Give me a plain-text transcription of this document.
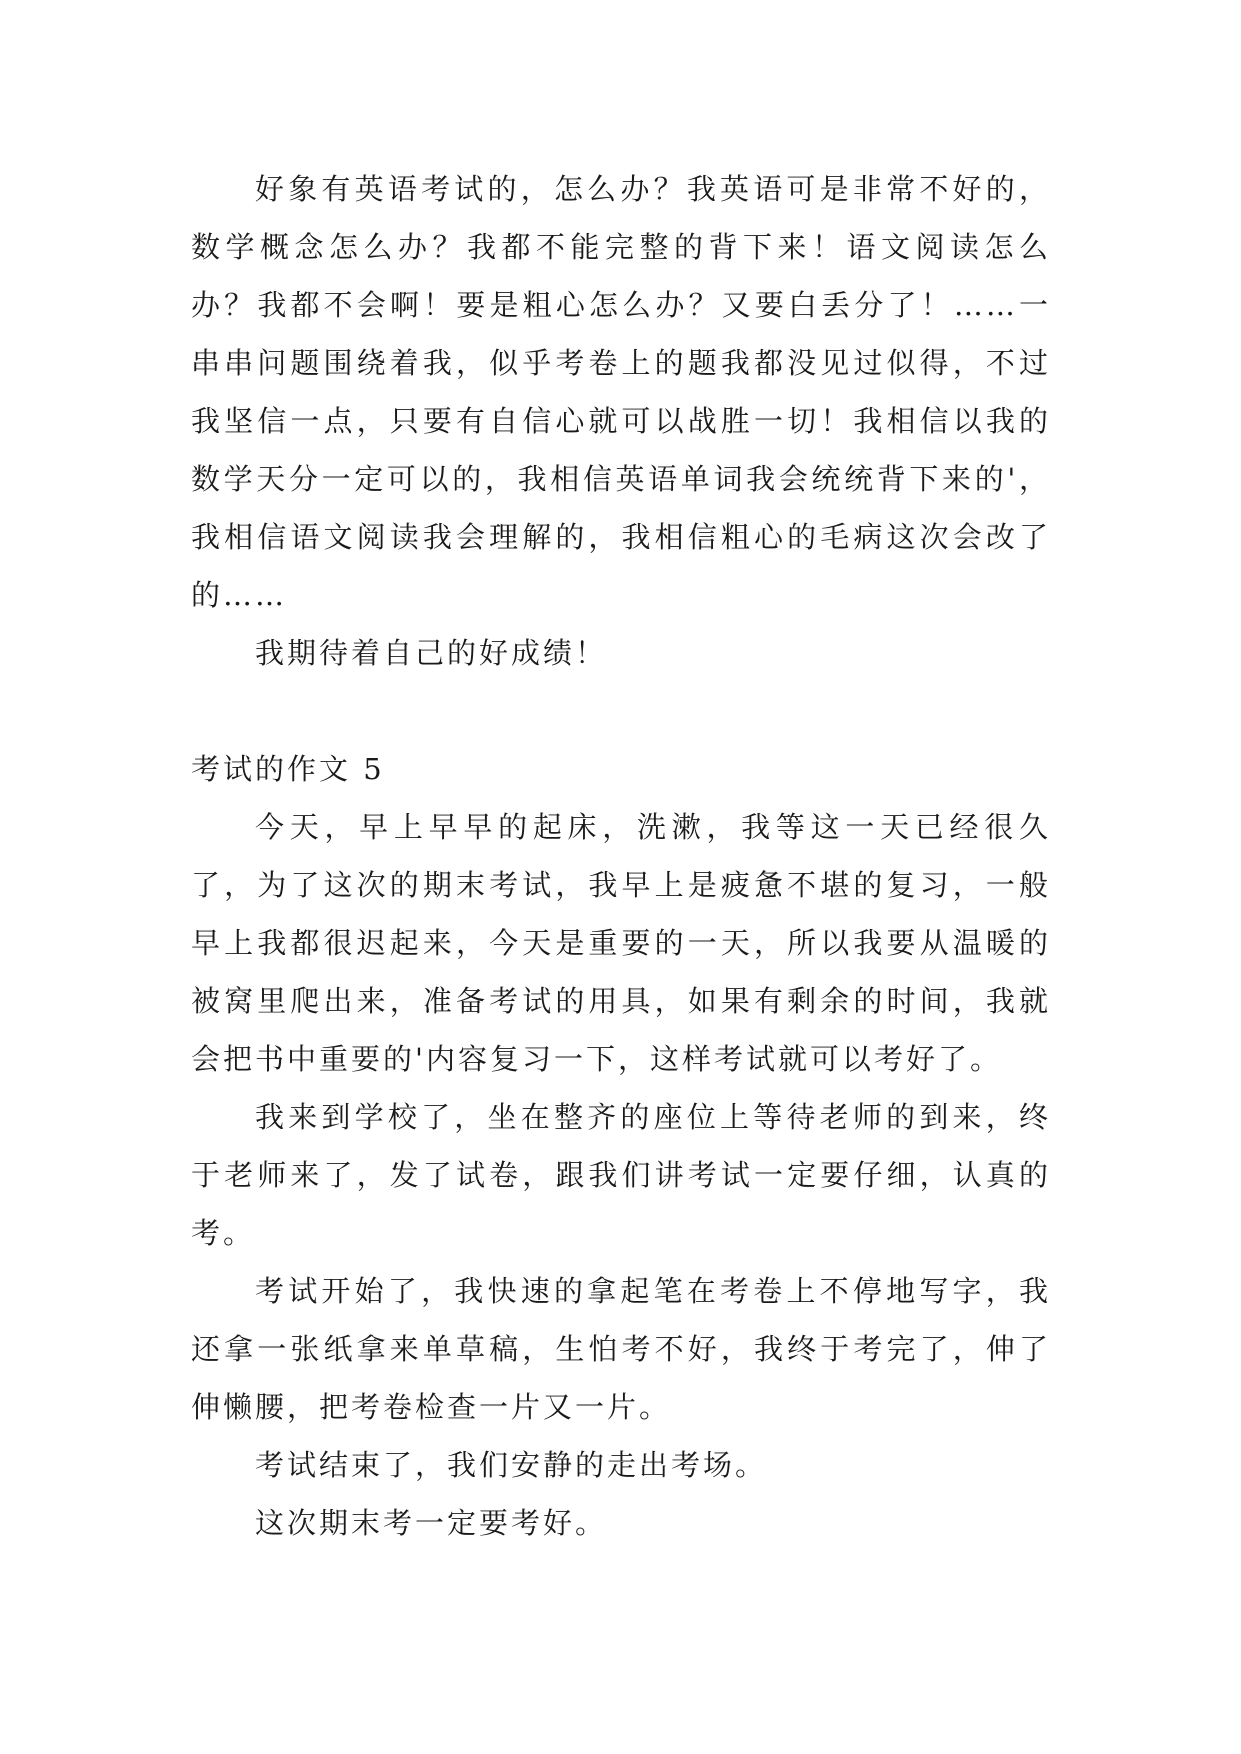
好象有英语考试的，怎么办？我英语可是非常不好的，数学概念怎么办？我都不能完整的背下来！语文阅读怎么办？我都不会啊！要是粗心怎么办？又要白丢分了！……一串串问题围绕着我，似乎考卷上的题我都没见过似得，不过我坚信一点，只要有自信心就可以战胜一切！我相信以我的数学天分一定可以的，我相信英语单词我会统统背下来的'，我相信语文阅读我会理解的，我相信粗心的毛病这次会改了的……

我期待着自己的好成绩！

考试的作文 5

今天，早上早早的起床，洗漱，我等这一天已经很久了，为了这次的期末考试，我早上是疲惫不堪的复习，一般早上我都很迟起来，今天是重要的一天，所以我要从温暖的被窝里爬出来，准备考试的用具，如果有剩余的时间，我就会把书中重要的'内容复习一下，这样考试就可以考好了。

我来到学校了，坐在整齐的座位上等待老师的到来，终于老师来了，发了试卷，跟我们讲考试一定要仔细，认真的考。

考试开始了，我快速的拿起笔在考卷上不停地写字，我还拿一张纸拿来单草稿，生怕考不好，我终于考完了，伸了伸懒腰，把考卷检查一片又一片。

考试结束了，我们安静的走出考场。

这次期末考一定要考好。
